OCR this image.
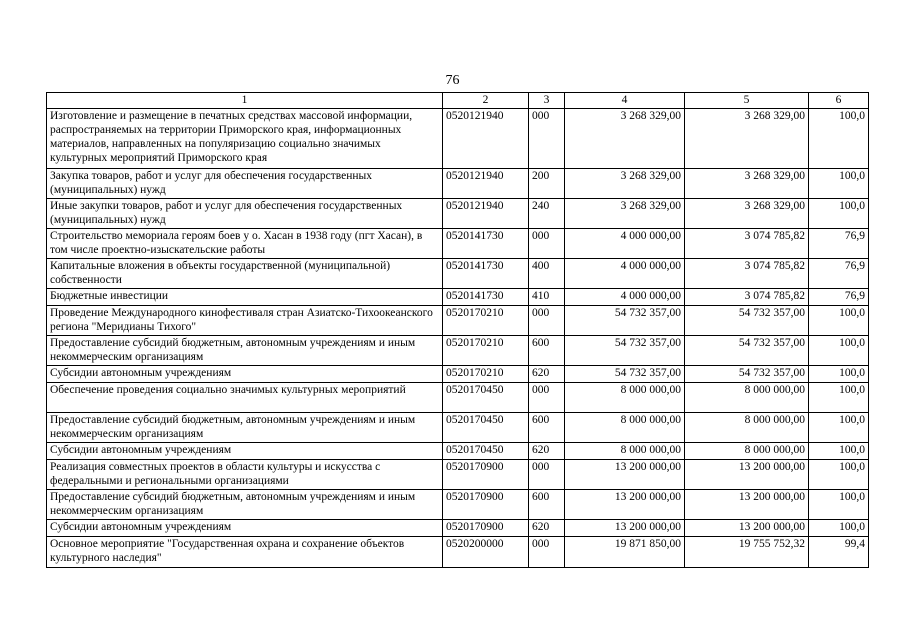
76
1	2	3	4	5	6
Изготовление и размещение в печатных средствах массовой информации, распространяемых на территории Приморского края, информационных материалов, направленных на популяризацию социально значимых культурных мероприятий Приморского края	0520121940	000	3 268 329,00	3 268 329,00	100,0
Закупка товаров, работ и услуг для обеспечения государственных (муниципальных) нужд	0520121940	200	3 268 329,00	3 268 329,00	100,0
Иные закупки товаров, работ и услуг для обеспечения государственных (муниципальных) нужд	0520121940	240	3 268 329,00	3 268 329,00	100,0
Строительство мемориала героям боев у о. Хасан в 1938 году (пгт Хасан), в том числе проектно-изыскательские работы	0520141730	000	4 000 000,00	3 074 785,82	76,9
Капитальные вложения в объекты государственной (муниципальной) собственности	0520141730	400	4 000 000,00	3 074 785,82	76,9
Бюджетные инвестиции	0520141730	410	4 000 000,00	3 074 785,82	76,9
Проведение Международного кинофестиваля стран Азиатско-Тихоокеанского региона "Меридианы Тихого"	0520170210	000	54 732 357,00	54 732 357,00	100,0
Предоставление субсидий бюджетным, автономным учреждениям и иным некоммерческим организациям	0520170210	600	54 732 357,00	54 732 357,00	100,0
Субсидии автономным учреждениям	0520170210	620	54 732 357,00	54 732 357,00	100,0
Обеспечение проведения социально значимых культурных мероприятий	0520170450	000	8 000 000,00	8 000 000,00	100,0
Предоставление субсидий бюджетным, автономным учреждениям и иным некоммерческим организациям	0520170450	600	8 000 000,00	8 000 000,00	100,0
Субсидии автономным учреждениям	0520170450	620	8 000 000,00	8 000 000,00	100,0
Реализация совместных проектов в области культуры и искусства с федеральными и региональными организациями	0520170900	000	13 200 000,00	13 200 000,00	100,0
Предоставление субсидий бюджетным, автономным учреждениям и иным некоммерческим организациям	0520170900	600	13 200 000,00	13 200 000,00	100,0
Субсидии автономным учреждениям	0520170900	620	13 200 000,00	13 200 000,00	100,0
Основное мероприятие "Государственная охрана и сохранение объектов культурного наследия"	0520200000	000	19 871 850,00	19 755 752,32	99,4
